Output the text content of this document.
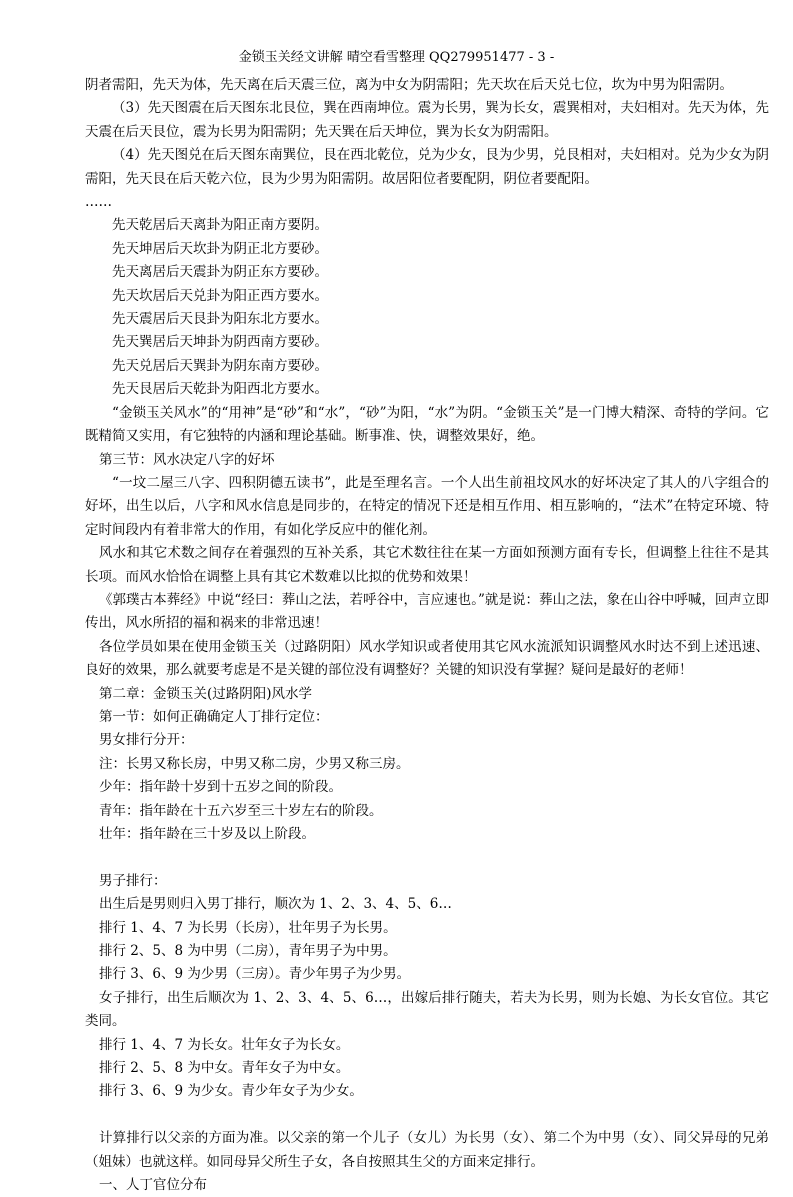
金锁玉关经文讲解 晴空看雪整理 QQ279951477 - 3 -
阴者需阳，先天为体，先天离在后天震三位，离为中女为阴需阳；先天坎在后天兑七位，坎为中男为阳需阴。
（3）先天图震在后天图东北艮位，巽在西南坤位。震为长男，巽为长女，震巽相对，夫妇相对。先天为体，先天震在后天艮位，震为长男为阳需阴；先天巽在后天坤位，巽为长女为阴需阳。
（4）先天图兑在后天图东南巽位，艮在西北乾位，兑为少女，艮为少男，兑艮相对，夫妇相对。兑为少女为阴需阳，先天艮在后天乾六位，艮为少男为阳需阴。故居阳位者要配阴，阴位者要配阳。
……
先天乾居后天离卦为阳正南方要阴。
先天坤居后天坎卦为阴正北方要砂。
先天离居后天震卦为阴正东方要砂。
先天坎居后天兑卦为阳正西方要水。
先天震居后天艮卦为阳东北方要水。
先天巽居后天坤卦为阴西南方要砂。
先天兑居后天巽卦为阴东南方要砂。
先天艮居后天乾卦为阳西北方要水。
“金锁玉关风水”的“用神”是“砂”和“水”，“砂”为阳，“水”为阴。“金锁玉关”是一门博大精深、奇特的学问。它既精简又实用，有它独特的内涵和理论基础。断事准、快，调整效果好，绝。
第三节：风水决定八字的好坏
“一坟二屋三八字、四积阴德五读书”，此是至理名言。一个人出生前祖坟风水的好坏决定了其人的八字组合的好坏，出生以后，八字和风水信息是同步的，在特定的情况下还是相互作用、相互影响的，“法术”在特定环境、特定时间段内有着非常大的作用，有如化学反应中的催化剂。
风水和其它术数之间存在着强烈的互补关系，其它术数往往在某一方面如预测方面有专长，但调整上往往不是其长项。而风水恰恰在调整上具有其它术数难以比拟的优势和效果！
《郭璞古本葬经》中说“经曰：葬山之法，若呼谷中，言应速也。”就是说：葬山之法，象在山谷中呼喊，回声立即传出，风水所招的福和祸来的非常迅速！
各位学员如果在使用金锁玉关（过路阴阳）风水学知识或者使用其它风水流派知识调整风水时达不到上述迅速、良好的效果，那么就要考虑是不是关键的部位没有调整好？关键的知识没有掌握？疑问是最好的老师！
第二章：金锁玉关(过路阴阳)风水学
第一节：如何正确确定人丁排行定位：
男女排行分开：
注：长男又称长房，中男又称二房，少男又称三房。
少年：指年龄十岁到十五岁之间的阶段。
青年：指年龄在十五六岁至三十岁左右的阶段。
壮年：指年龄在三十岁及以上阶段。
男子排行：
出生后是男则归入男丁排行，顺次为 1、2、3、4、5、6…
排行 1、4、7 为长男（长房），壮年男子为长男。
排行 2、5、8 为中男（二房），青年男子为中男。
排行 3、6、9 为少男（三房）。青少年男子为少男。
女子排行，出生后顺次为 1、2、3、4、5、6…，出嫁后排行随夫，若夫为长男，则为长媳、为长女官位。其它类同。
排行 1、4、7 为长女。壮年女子为长女。
排行 2、5、8 为中女。青年女子为中女。
排行 3、6、9 为少女。青少年女子为少女。
计算排行以父亲的方面为准。以父亲的第一个儿子（女儿）为长男（女）、第二个为中男（女）、同父异母的兄弟（姐妹）也就这样。如同母异父所生子女，各自按照其生父的方面来定排行。
一、人丁官位分布
